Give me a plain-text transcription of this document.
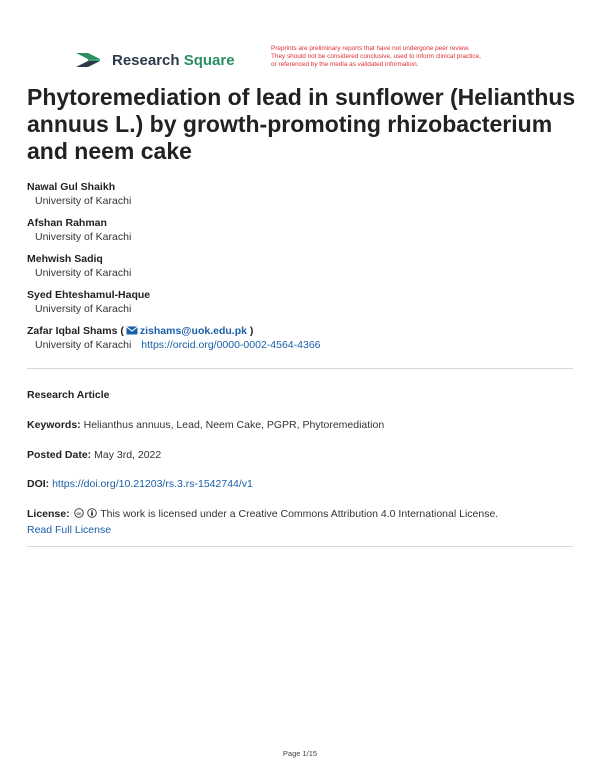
Research Square
Preprints are preliminary reports that have not undergone peer review.
They should not be considered conclusive, used to inform clinical practice,
or referenced by the media as validated information.
Phytoremediation of lead in sunflower (Helianthus annuus L.) by growth-promoting rhizobacterium and neem cake
Nawal Gul Shaikh
University of Karachi
Afshan Rahman
University of Karachi
Mehwish Sadiq
University of Karachi
Syed Ehteshamul-Haque
University of Karachi
Zafar Iqbal Shams ( zishams@uok.edu.pk )
University of Karachi https://orcid.org/0000-0002-4564-4366
Research Article
Keywords: Helianthus annuus, Lead, Neem Cake, PGPR, Phytoremediation
Posted Date: May 3rd, 2022
DOI: https://doi.org/10.21203/rs.3.rs-1542744/v1
License: cc This work is licensed under a Creative Commons Attribution 4.0 International License.
Read Full License
Page 1/15
